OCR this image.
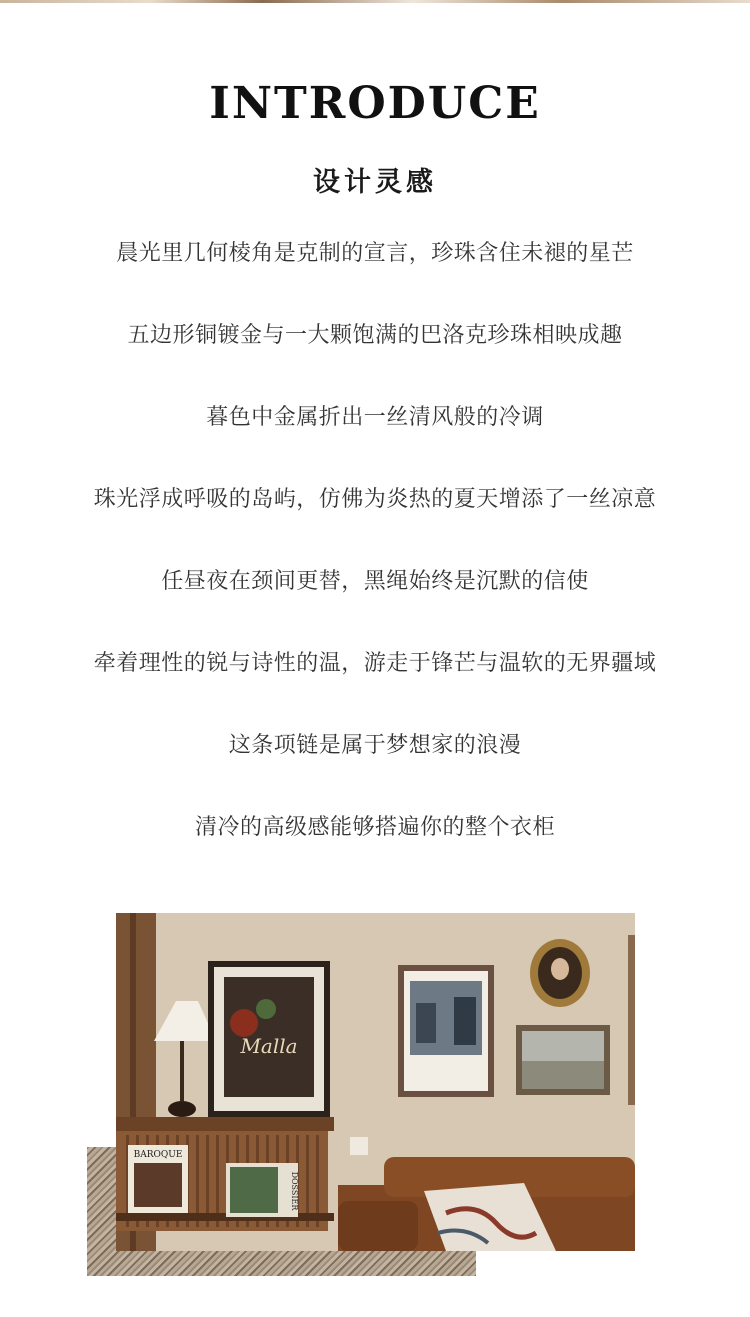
INTRODUCE
设计灵感
晨光里几何棱角是克制的宣言，珍珠含住未褪的星芒
五边形铜镀金与一大颗饱满的巴洛克珍珠相映成趣
暮色中金属折出一丝清风般的冷调
珠光浮成呼吸的岛屿，仿佛为炎热的夏天增添了一丝凉意
任昼夜在颈间更替，黑绳始终是沉默的信使
牵着理性的锐与诗性的温，游走于锋芒与温软的无界疆域
这条项链是属于梦想家的浪漫
清冷的高级感能够搭遍你的整个衣柜
Malla
BAROQUE
DOSSIER
